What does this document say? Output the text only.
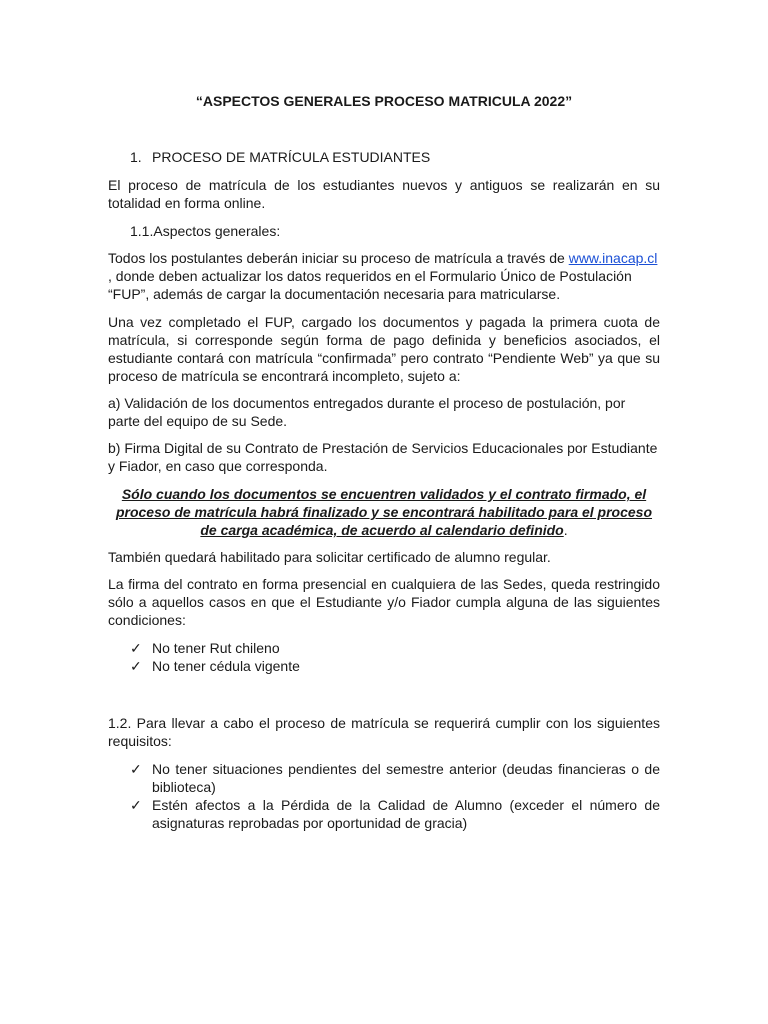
“ASPECTOS GENERALES PROCESO MATRICULA 2022”
1. PROCESO DE MATRÍCULA ESTUDIANTES

El proceso de matrícula de los estudiantes nuevos y antiguos se realizarán en su totalidad en forma online.

1.1.Aspectos generales:

Todos los postulantes deberán iniciar su proceso de matrícula a través de www.inacap.cl , donde deben actualizar los datos requeridos en el Formulario Único de Postulación “FUP”, además de cargar la documentación necesaria para matricularse.

Una vez completado el FUP, cargado los documentos y pagada la primera cuota de matrícula, si corresponde según forma de pago definida y beneficios asociados, el estudiante contará con matrícula “confirmada” pero contrato “Pendiente Web” ya que su proceso de matrícula se encontrará incompleto, sujeto a:

a) Validación de los documentos entregados durante el proceso de postulación, por parte del equipo de su Sede.

b) Firma Digital de su Contrato de Prestación de Servicios Educacionales por Estudiante y Fiador, en caso que corresponda.

Sólo cuando los documentos se encuentren validados y el contrato firmado, el proceso de matrícula habrá finalizado y se encontrará habilitado para el proceso de carga académica, de acuerdo al calendario definido.

También quedará habilitado para solicitar certificado de alumno regular.

La firma del contrato en forma presencial en cualquiera de las Sedes, queda restringido sólo a aquellos casos en que el Estudiante y/o Fiador cumpla alguna de las siguientes condiciones:

✓ No tener Rut chileno

✓ No tener cédula vigente

1.2. Para llevar a cabo el proceso de matrícula se requerirá cumplir con los siguientes requisitos:

✓ No tener situaciones pendientes del semestre anterior (deudas financieras o de biblioteca)

✓ Estén afectos a la Pérdida de la Calidad de Alumno (exceder el número de asignaturas reprobadas por oportunidad de gracia)
